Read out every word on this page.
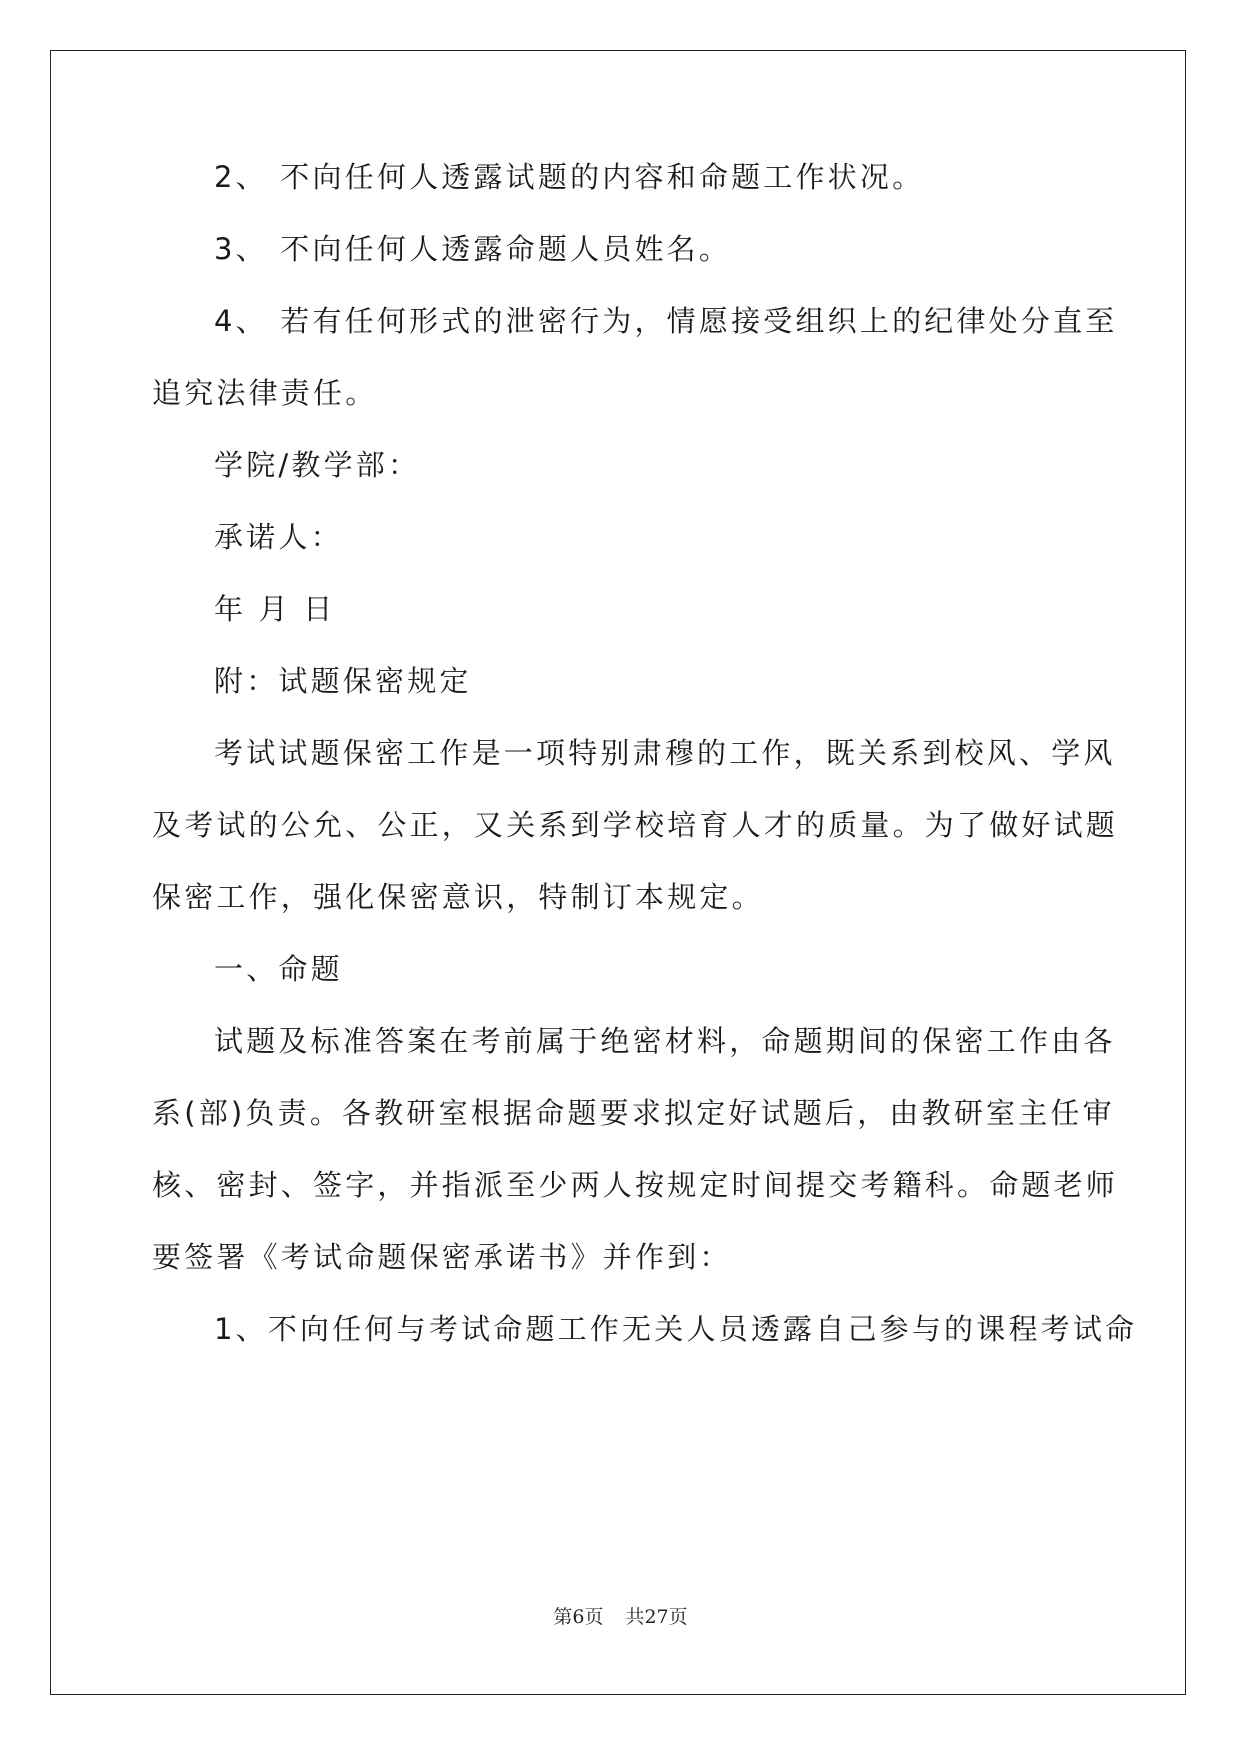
2、 不向任何人透露试题的内容和命题工作状况。
3、 不向任何人透露命题人员姓名。
4、 若有任何形式的泄密行为，情愿接受组织上的纪律处分直至
追究法律责任。
学院/教学部：
承诺人：
年 月 日
附：试题保密规定
考试试题保密工作是一项特别肃穆的工作，既关系到校风、学风
及考试的公允、公正，又关系到学校培育人才的质量。为了做好试题
保密工作，强化保密意识，特制订本规定。
一、命题
试题及标准答案在考前属于绝密材料，命题期间的保密工作由各
系(部)负责。各教研室根据命题要求拟定好试题后，由教研室主任审
核、密封、签字，并指派至少两人按规定时间提交考籍科。命题老师
要签署《考试命题保密承诺书》并作到：
1、不向任何与考试命题工作无关人员透露自己参与的课程考试命
第6页 共27页
